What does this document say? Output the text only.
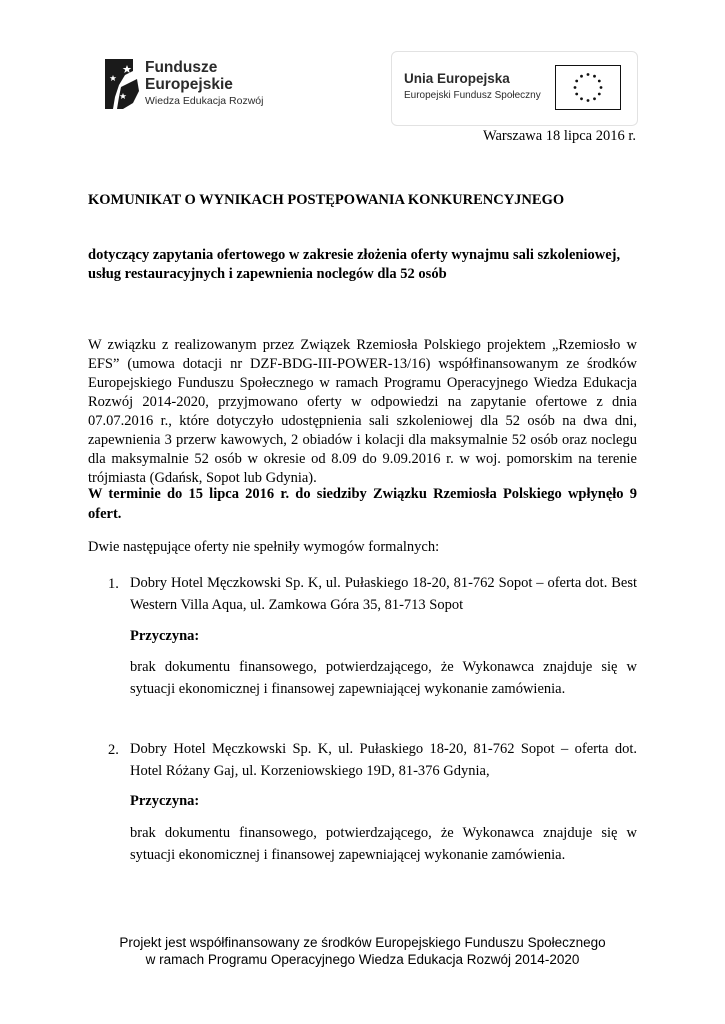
Fundusze
Europejskie
Wiedza Edukacja Rozwój
Unia Europejska
Europejski Fundusz Społeczny
Warszawa 18 lipca 2016 r.
KOMUNIKAT O WYNIKACH POSTĘPOWANIA KONKURENCYJNEGO
dotyczący zapytania ofertowego w zakresie złożenia oferty wynajmu sali szkoleniowej, usług restauracyjnych i zapewnienia noclegów dla 52 osób
W związku z realizowanym przez Związek Rzemiosła Polskiego projektem „Rzemiosło w EFS” (umowa dotacji nr DZF-BDG-III-POWER-13/16) współfinansowanym ze środków Europejskiego Funduszu Społecznego w ramach Programu Operacyjnego Wiedza Edukacja Rozwój 2014-2020, przyjmowano oferty w odpowiedzi na zapytanie ofertowe z dnia 07.07.2016 r., które dotyczyło udostępnienia sali szkoleniowej dla 52 osób na dwa dni, zapewnienia 3 przerw kawowych, 2 obiadów i kolacji dla maksymalnie 52 osób oraz noclegu dla maksymalnie 52 osób w okresie od 8.09 do 9.09.2016 r. w woj. pomorskim na terenie trójmiasta (Gdańsk, Sopot lub Gdynia).
W terminie do 15 lipca 2016 r. do siedziby Związku Rzemiosła Polskiego wpłynęło 9 ofert.
Dwie następujące oferty nie spełniły wymogów formalnych:
1. Dobry Hotel Męczkowski Sp. K, ul. Pułaskiego 18-20, 81-762 Sopot – oferta dot. Best Western Villa Aqua, ul. Zamkowa Góra 35, 81-713 Sopot
Przyczyna:
brak dokumentu finansowego, potwierdzającego, że Wykonawca znajduje się w sytuacji ekonomicznej i finansowej zapewniającej wykonanie zamówienia.
2. Dobry Hotel Męczkowski Sp. K, ul. Pułaskiego 18-20, 81-762 Sopot – oferta dot. Hotel Różany Gaj, ul. Korzeniowskiego 19D, 81-376 Gdynia,
Przyczyna:
brak dokumentu finansowego, potwierdzającego, że Wykonawca znajduje się w sytuacji ekonomicznej i finansowej zapewniającej wykonanie zamówienia.
Projekt jest współfinansowany ze środków Europejskiego Funduszu Społecznego
w ramach Programu Operacyjnego Wiedza Edukacja Rozwój 2014-2020
